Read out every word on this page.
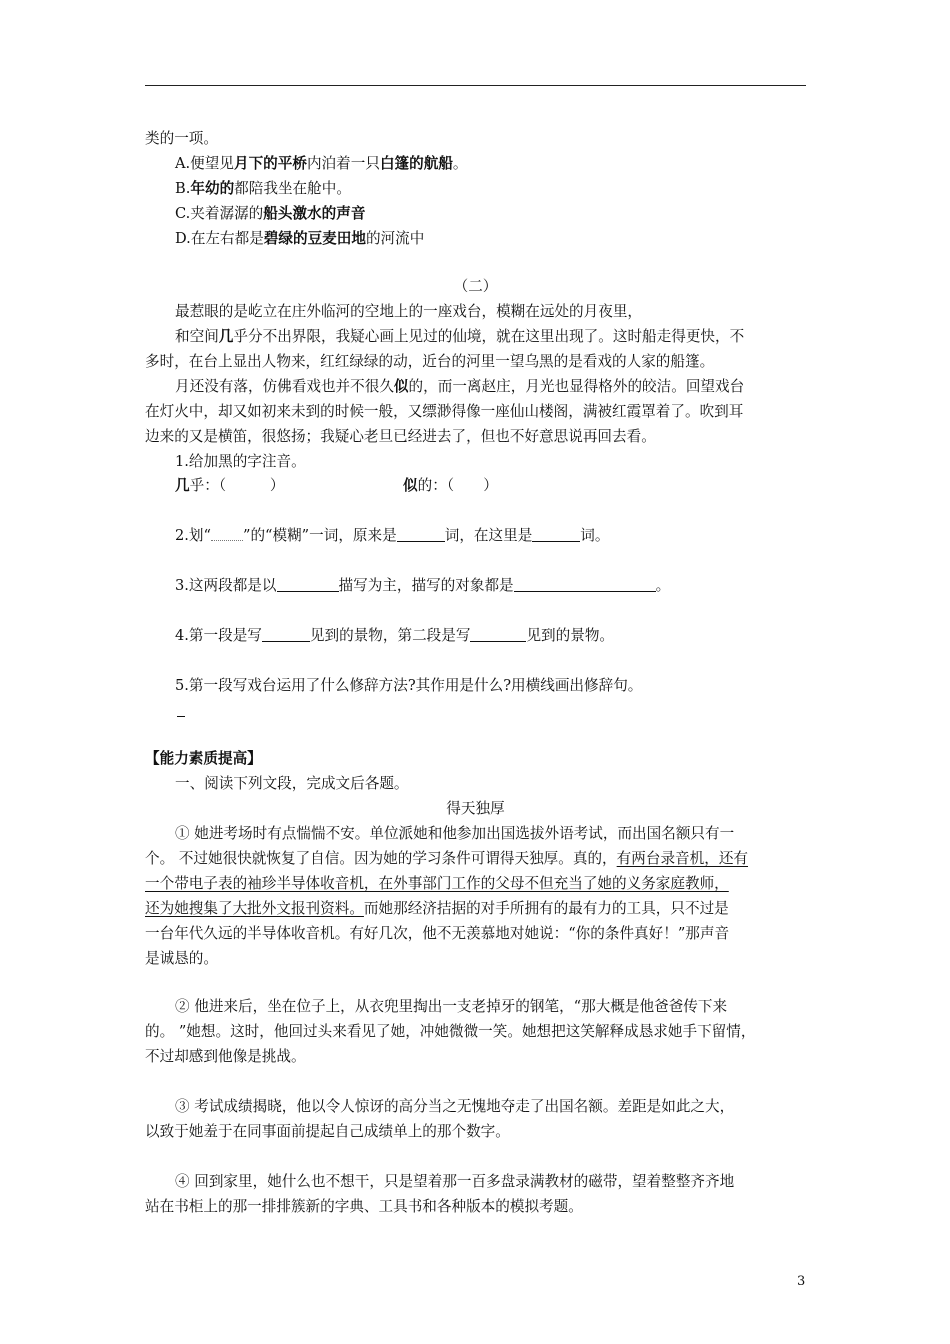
类的一项。
A.便望见月下的平桥内泊着一只白篷的航船。
B.年幼的都陪我坐在舱中。
C.夹着潺潺的船头激水的声音
D.在左右都是碧绿的豆麦田地的河流中
（二）
最惹眼的是屹立在庄外临河的空地上的一座戏台，模糊在远处的月夜里，
和空间几乎分不出界限，我疑心画上见过的仙境，就在这里出现了。这时船走得更快，不
多时，在台上显出人物来，红红绿绿的动，近台的河里一望乌黑的是看戏的人家的船篷。
月还没有落，仿佛看戏也并不很久似的，而一离赵庄，月光也显得格外的皎洁。回望戏台
在灯火中，却又如初来未到的时候一般，又缥渺得像一座仙山楼阁，满被红霞罩着了。吹到耳
边来的又是横笛，很悠扬；我疑心老旦已经进去了，但也不好意思说再回去看。
1.给加黑的字注音。
几乎：（　　　）	似的：（　　）
2.划“ ”的“模糊”一词，原来是	词，在这里是	词。
3.这两段都是以	描写为主，描写的对象都是	。
4.第一段是写	见到的景物，第二段是写	见到的景物。
5.第一段写戏台运用了什么修辞方法?其作用是什么?用横线画出修辞句。
【能力素质提高】
一、阅读下列文段，完成文后各题。
得天独厚
① 她进考场时有点惴惴不安。单位派她和他参加出国选拔外语考试，而出国名额只有一
个。 不过她很快就恢复了自信。因为她的学习条件可谓得天独厚。真的，有两台录音机，还有
一个带电子表的袖珍半导体收音机，在外事部门工作的父母不但充当了她的义务家庭教师，
还为她搜集了大批外文报刊资料。而她那经济拮据的对手所拥有的最有力的工具，只不过是
一台年代久远的半导体收音机。有好几次，他不无羡慕地对她说：“你的条件真好！”那声音
是诚恳的。
② 他进来后，坐在位子上，从衣兜里掏出一支老掉牙的钢笔，“那大概是他爸爸传下来
的。 ”她想。这时，他回过头来看见了她，冲她微微一笑。她想把这笑解释成恳求她手下留情，
不过却感到他像是挑战。
③ 考试成绩揭晓，他以令人惊讶的高分当之无愧地夺走了出国名额。差距是如此之大，
以致于她羞于在同事面前提起自己成绩单上的那个数字。
④ 回到家里，她什么也不想干，只是望着那一百多盘录满教材的磁带，望着整整齐齐地
站在书柜上的那一排排簇新的字典、工具书和各种版本的模拟考题。
3
